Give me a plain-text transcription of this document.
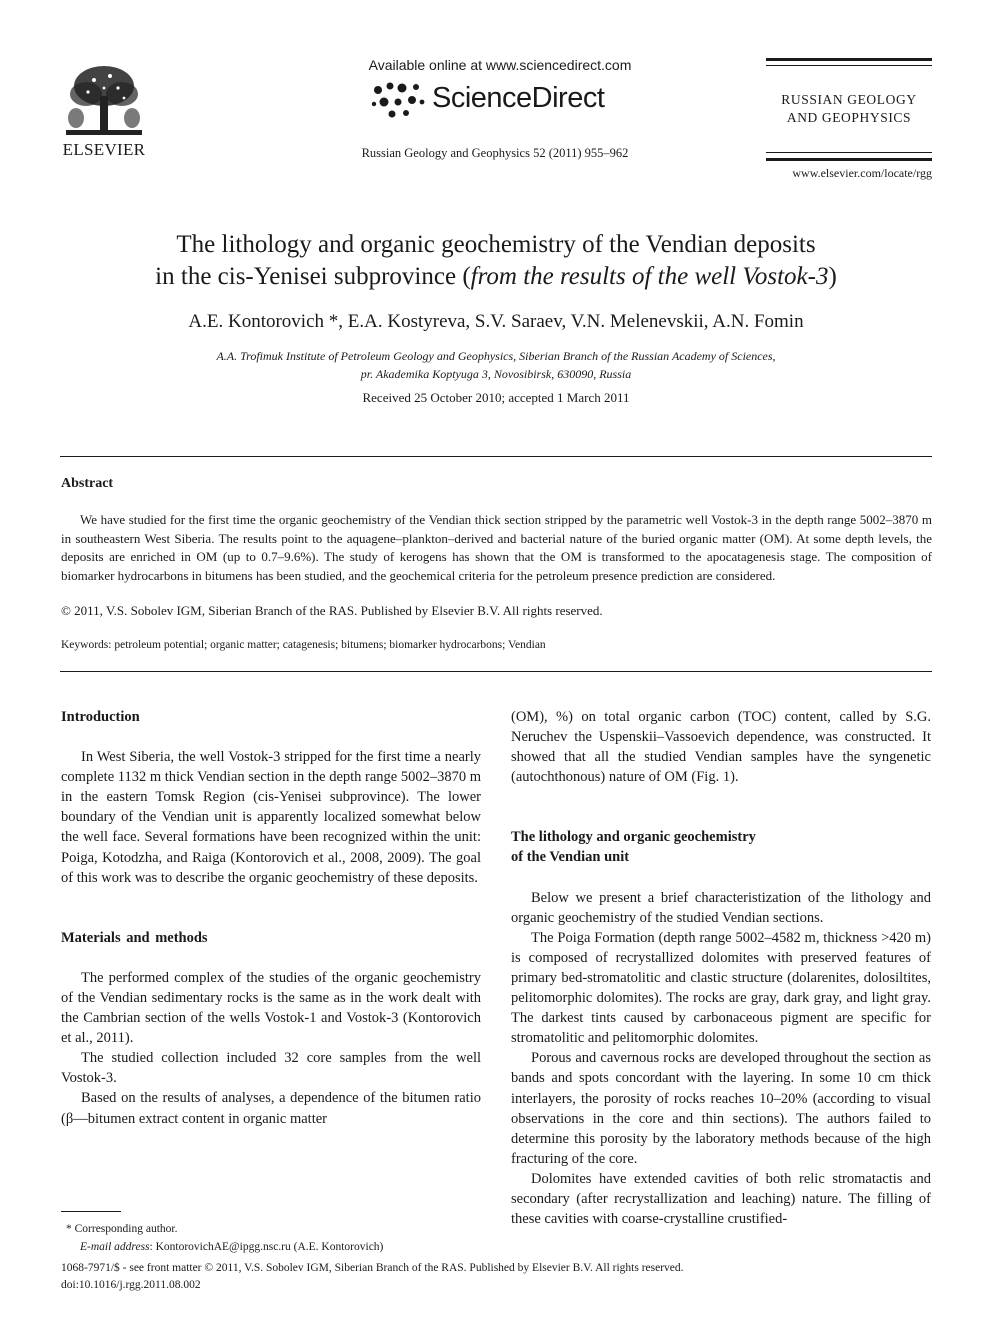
ELSEVIER
Available online at www.sciencedirect.com
ScienceDirect
Russian Geology and Geophysics 52 (2011) 955–962
RUSSIAN GEOLOGY
AND GEOPHYSICS
www.elsevier.com/locate/rgg
The lithology and organic geochemistry of the Vendian deposits
in the cis-Yenisei subprovince (from the results of the well Vostok-3)
A.E. Kontorovich *, E.A. Kostyreva, S.V. Saraev, V.N. Melenevskii, A.N. Fomin
A.A. Trofimuk Institute of Petroleum Geology and Geophysics, Siberian Branch of the Russian Academy of Sciences,
pr. Akademika Koptyuga 3, Novosibirsk, 630090, Russia
Received 25 October 2010; accepted 1 March 2011
Abstract
We have studied for the first time the organic geochemistry of the Vendian thick section stripped by the parametric well Vostok-3 in the depth range 5002–3870 m in southeastern West Siberia. The results point to the aquagene–plankton–derived and bacterial nature of the buried organic matter (OM). At some depth levels, the deposits are enriched in OM (up to 0.7–9.6%). The study of kerogens has shown that the OM is transformed to the apocatagenesis stage. The composition of biomarker hydrocarbons in bitumens has been studied, and the geochemical criteria for the petroleum presence prediction are considered.
© 2011, V.S. Sobolev IGM, Siberian Branch of the RAS. Published by Elsevier B.V. All rights reserved.
Keywords: petroleum potential; organic matter; catagenesis; bitumens; biomarker hydrocarbons; Vendian
Introduction

In West Siberia, the well Vostok-3 stripped for the first time a nearly complete 1132 m thick Vendian section in the depth range 5002–3870 m in the eastern Tomsk Region (cis-Yenisei subprovince). The lower boundary of the Vendian unit is apparently localized somewhat below the well face. Several formations have been recognized within the unit: Poiga, Kotodzha, and Raiga (Kontorovich et al., 2008, 2009). The goal of this work was to describe the organic geochemistry of these deposits.

Materials and methods

The performed complex of the studies of the organic geochemistry of the Vendian sedimentary rocks is the same as in the work dealt with the Cambrian section of the wells Vostok-1 and Vostok-3 (Kontorovich et al., 2011).

The studied collection included 32 core samples from the well Vostok-3.

Based on the results of analyses, a dependence of the bitumen ratio (β—bitumen extract content in organic matter

(OM), %) on total organic carbon (TOC) content, called by S.G. Neruchev the Uspenskii–Vassoevich dependence, was constructed. It showed that all the studied Vendian samples have the syngenetic (autochthonous) nature of OM (Fig. 1).

The lithology and organic geochemistry
of the Vendian unit

Below we present a brief characteristization of the lithology and organic geochemistry of the studied Vendian sections.

The Poiga Formation (depth range 5002–4582 m, thickness >420 m) is composed of recrystallized dolomites with preserved features of primary bed-stromatolitic and clastic structure (dolarenites, dolosiltites, pelitomorphic dolomites). The rocks are gray, dark gray, and light gray. The darkest tints caused by carbonaceous pigment are specific for stromatolitic and pelitomorphic dolomites.

Porous and cavernous rocks are developed throughout the section as bands and spots concordant with the layering. In some 10 cm thick interlayers, the porosity of rocks reaches 10–20% (according to visual observations in the core and thin sections). The authors failed to determine this porosity by the laboratory methods because of the high fracturing of the core.

Dolomites have extended cavities of both relic stromatactis and secondary (after recrystallization and leaching) nature. The filling of these cavities with coarse-crystalline crustified-

* Corresponding author.
E-mail address: KontorovichAE@ipgg.nsc.ru (A.E. Kontorovich)
1068-7971/$ - see front matter © 2011, V.S. Sobolev IGM, Siberian Branch of the RAS. Published by Elsevier B.V. All rights reserved.
doi:10.1016/j.rgg.2011.08.002
